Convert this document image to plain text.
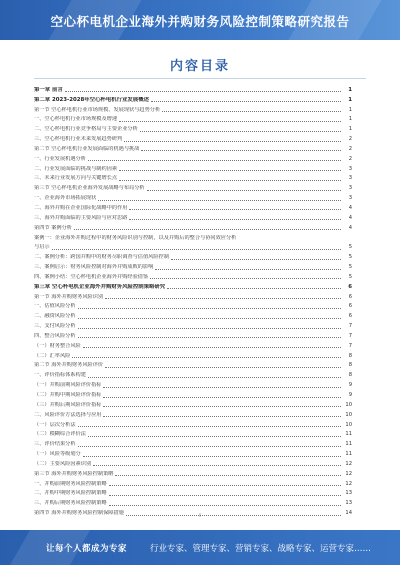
空心杯电机企业海外并购财务风险控制策略研究报告
内容目录
第一章 前言	1
第二章 2023-2028年空心杯电机行业发展概述	1
第一节 空心杯电机行业市场规模、发展现状与趋势分析	1
一、空心杯电机行业市场规模及增速	1
二、空心杯电机行业竞争格局与主要企业分析	1
三、空心杯电机行业未来发展趋势研判	2
第二节 空心杯电机行业发展面临的机遇与挑战	2
一、行业发展机遇分析	2
二、行业发展面临的挑战与制约因素	3
三、未来行业发展方向与关键增长点	3
第三节 空心杯电机企业海外发展战略与布局分析	3
一、企业海外市场拓展现状	3
二、海外并购在企业国际化战略中的作用	4
三、海外并购面临的主要风险与应对思路	4
第四节 案例分析	4
案例一：企业海外并购过程中的财务风险识别与控制，以及并购后的整合与协同效应分析
与启示	5
二、案例分析：跨国并购中的财务尽职调查与估值风险控制	5
三、案例启示：财务风险控制对海外并购成败的影响	5
四、案例小结：空心杯电机企业海外并购经验借鉴	5
第三章 空心杯电机企业海外并购财务风险控制策略研究	6
第一节 海外并购财务风险识别	6
一、估值风险分析	6
二、融资风险分析	6
三、支付风险分析	7
四、整合风险分析	7
（一）财务整合风险	7
（二）汇率风险	8
第二节 海外并购财务风险评价	8
一、评价指标体系构建	8
（一）并购前期风险评价指标	9
（二）并购中期风险评价指标	9
（三）并购后期风险评价指标	10
二、风险评价方法选择与应用	10
（一）层次分析法	10
（二）模糊综合评价法	11
三、评价结果分析	11
（一）风险等级划分	11
（二）主要风险因素识别	12
第三节 海外并购财务风险控制策略	12
一、并购前期财务风险控制策略	12
二、并购中期财务风险控制策略	13
三、并购后期财务风险控制策略	13
第四节 海外并购财务风险控制保障措施	14
I
让每个人都成为专家	行业专家、管理专家、营销专家、战略专家、运营专家……
